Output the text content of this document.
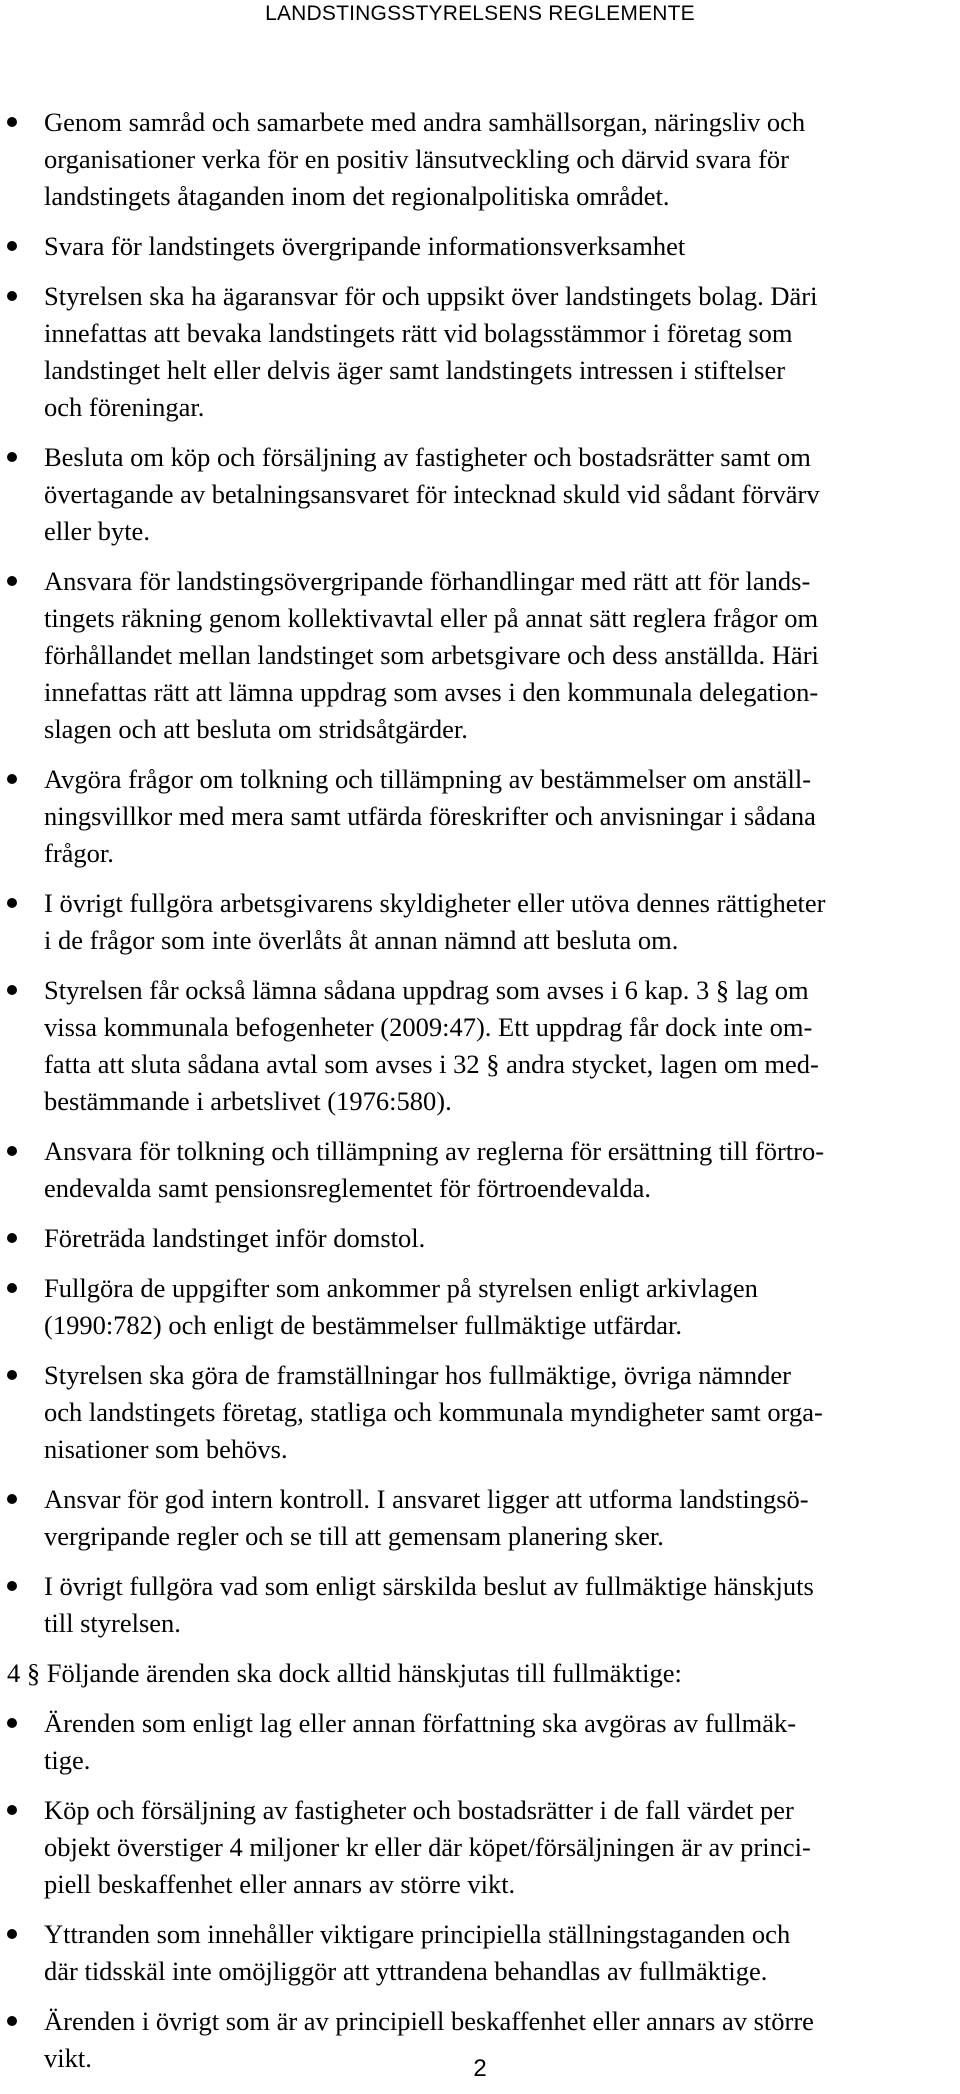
LANDSTINGSSTYRELSENS REGLEMENTE
Genom samråd och samarbete med andra samhällsorgan, näringsliv och
organisationer verka för en positiv länsutveckling och därvid svara för
landstingets åtaganden inom det regionalpolitiska området.
Svara för landstingets övergripande informationsverksamhet
Styrelsen ska ha ägaransvar för och uppsikt över landstingets bolag. Däri
innefattas att bevaka landstingets rätt vid bolagsstämmor i företag som
landstinget helt eller delvis äger samt landstingets intressen i stiftelser
och föreningar.
Besluta om köp och försäljning av fastigheter och bostadsrätter samt om
övertagande av betalningsansvaret för intecknad skuld vid sådant förvärv
eller byte.
Ansvara för landstingsövergripande förhandlingar med rätt att för lands-
tingets räkning genom kollektivavtal eller på annat sätt reglera frågor om
förhållandet mellan landstinget som arbetsgivare och dess anställda. Häri
innefattas rätt att lämna uppdrag som avses i den kommunala delegation-
slagen och att besluta om stridsåtgärder.
Avgöra frågor om tolkning och tillämpning av bestämmelser om anställ-
ningsvillkor med mera samt utfärda föreskrifter och anvisningar i sådana
frågor.
I övrigt fullgöra arbetsgivarens skyldigheter eller utöva dennes rättigheter
i de frågor som inte överlåts åt annan nämnd att besluta om.
Styrelsen får också lämna sådana uppdrag som avses i 6 kap. 3 § lag om
vissa kommunala befogenheter (2009:47). Ett uppdrag får dock inte om-
fatta att sluta sådana avtal som avses i 32 § andra stycket, lagen om med-
bestämmande i arbetslivet (1976:580).
Ansvara för tolkning och tillämpning av reglerna för ersättning till förtro-
endevalda samt pensionsreglementet för förtroendevalda.
Företräda landstinget inför domstol.
Fullgöra de uppgifter som ankommer på styrelsen enligt arkivlagen
(1990:782) och enligt de bestämmelser fullmäktige utfärdar.
Styrelsen ska göra de framställningar hos fullmäktige, övriga nämnder
och landstingets företag, statliga och kommunala myndigheter samt orga-
nisationer som behövs.
Ansvar för god intern kontroll. I ansvaret ligger att utforma landstingsö-
vergripande regler och se till att gemensam planering sker.
I övrigt fullgöra vad som enligt särskilda beslut av fullmäktige hänskjuts
till styrelsen.
4 § Följande ärenden ska dock alltid hänskjutas till fullmäktige:
Ärenden som enligt lag eller annan författning ska avgöras av fullmäk-
tige.
Köp och försäljning av fastigheter och bostadsrätter i de fall värdet per
objekt överstiger 4 miljoner kr eller där köpet/försäljningen är av princi-
piell beskaffenhet eller annars av större vikt.
Yttranden som innehåller viktigare principiella ställningstaganden och
där tidsskäl inte omöjliggör att yttrandena behandlas av fullmäktige.
Ärenden i övrigt som är av principiell beskaffenhet eller annars av större
vikt.	2
